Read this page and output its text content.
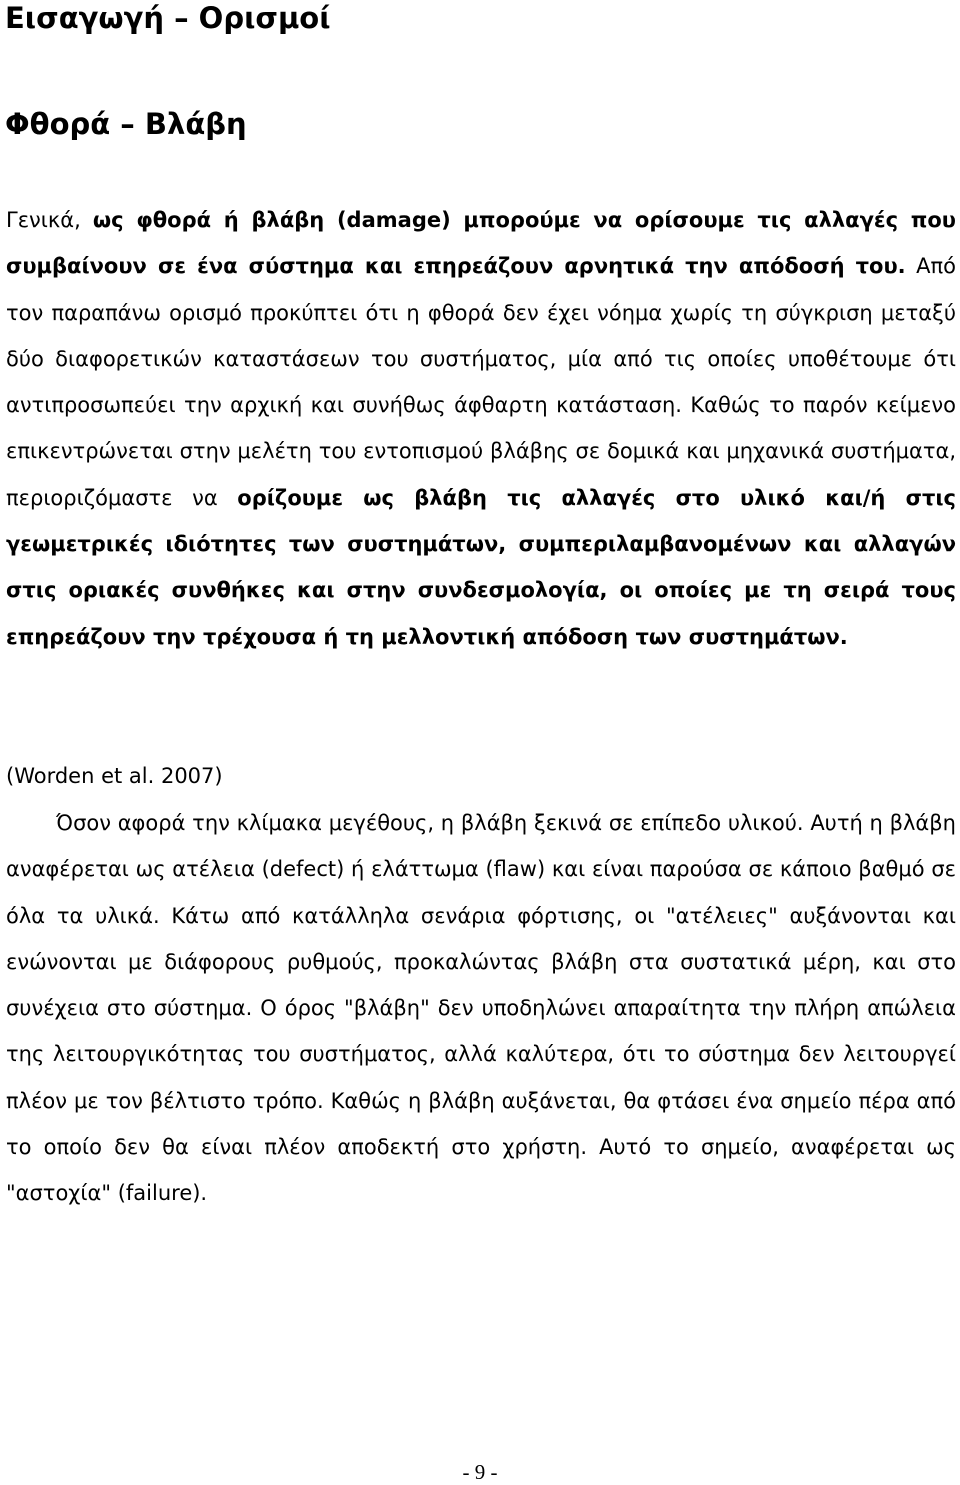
Εισαγωγή – Ορισμοί
Φθορά – Βλάβη

Γενικά, ως φθορά ή βλάβη (damage) μπορούμε να ορίσουμε τις αλλαγές που συμβαίνουν σε ένα σύστημα και επηρεάζουν αρνητικά την απόδοσή του. Από τον παραπάνω ορισμό προκύπτει ότι η φθορά δεν έχει νόημα χωρίς τη σύγκριση μεταξύ δύο διαφορετικών καταστάσεων του συστήματος, μία από τις οποίες υποθέτουμε ότι αντιπροσωπεύει την αρχική και συνήθως άφθαρτη κατάσταση. Καθώς το παρόν κείμενο επικεντρώνεται στην μελέτη του εντοπισμού βλάβης σε δομικά και μηχανικά συστήματα, περιοριζόμαστε να ορίζουμε ως βλάβη τις αλλαγές στο υλικό και/ή στις γεωμετρικές ιδιότητες των συστημάτων, συμπεριλαμβανομένων και αλλαγών στις οριακές συνθήκες και στην συνδεσμολογία, οι οποίες με τη σειρά τους επηρεάζουν την τρέχουσα ή τη μελλοντική απόδοση των συστημάτων.

(Worden et al. 2007)

Όσον αφορά την κλίμακα μεγέθους, η βλάβη ξεκινά σε επίπεδο υλικού. Αυτή η βλάβη αναφέρεται ως ατέλεια (defect) ή ελάττωμα (flaw) και είναι παρούσα σε κάποιο βαθμό σε όλα τα υλικά. Κάτω από κατάλληλα σενάρια φόρτισης, οι "ατέλειες" αυξάνονται και ενώνονται με διάφορους ρυθμούς, προκαλώντας βλάβη στα συστατικά μέρη, και στο συνέχεια στο σύστημα. Ο όρος "βλάβη" δεν υποδηλώνει απαραίτητα την πλήρη απώλεια της λειτουργικότητας του συστήματος, αλλά καλύτερα, ότι το σύστημα δεν λειτουργεί πλέον με τον βέλτιστο τρόπο. Καθώς η βλάβη αυξάνεται, θα φτάσει ένα σημείο πέρα από το οποίο δεν θα είναι πλέον αποδεκτή στο χρήστη. Αυτό το σημείο, αναφέρεται ως "αστοχία" (failure).

- 9 -
